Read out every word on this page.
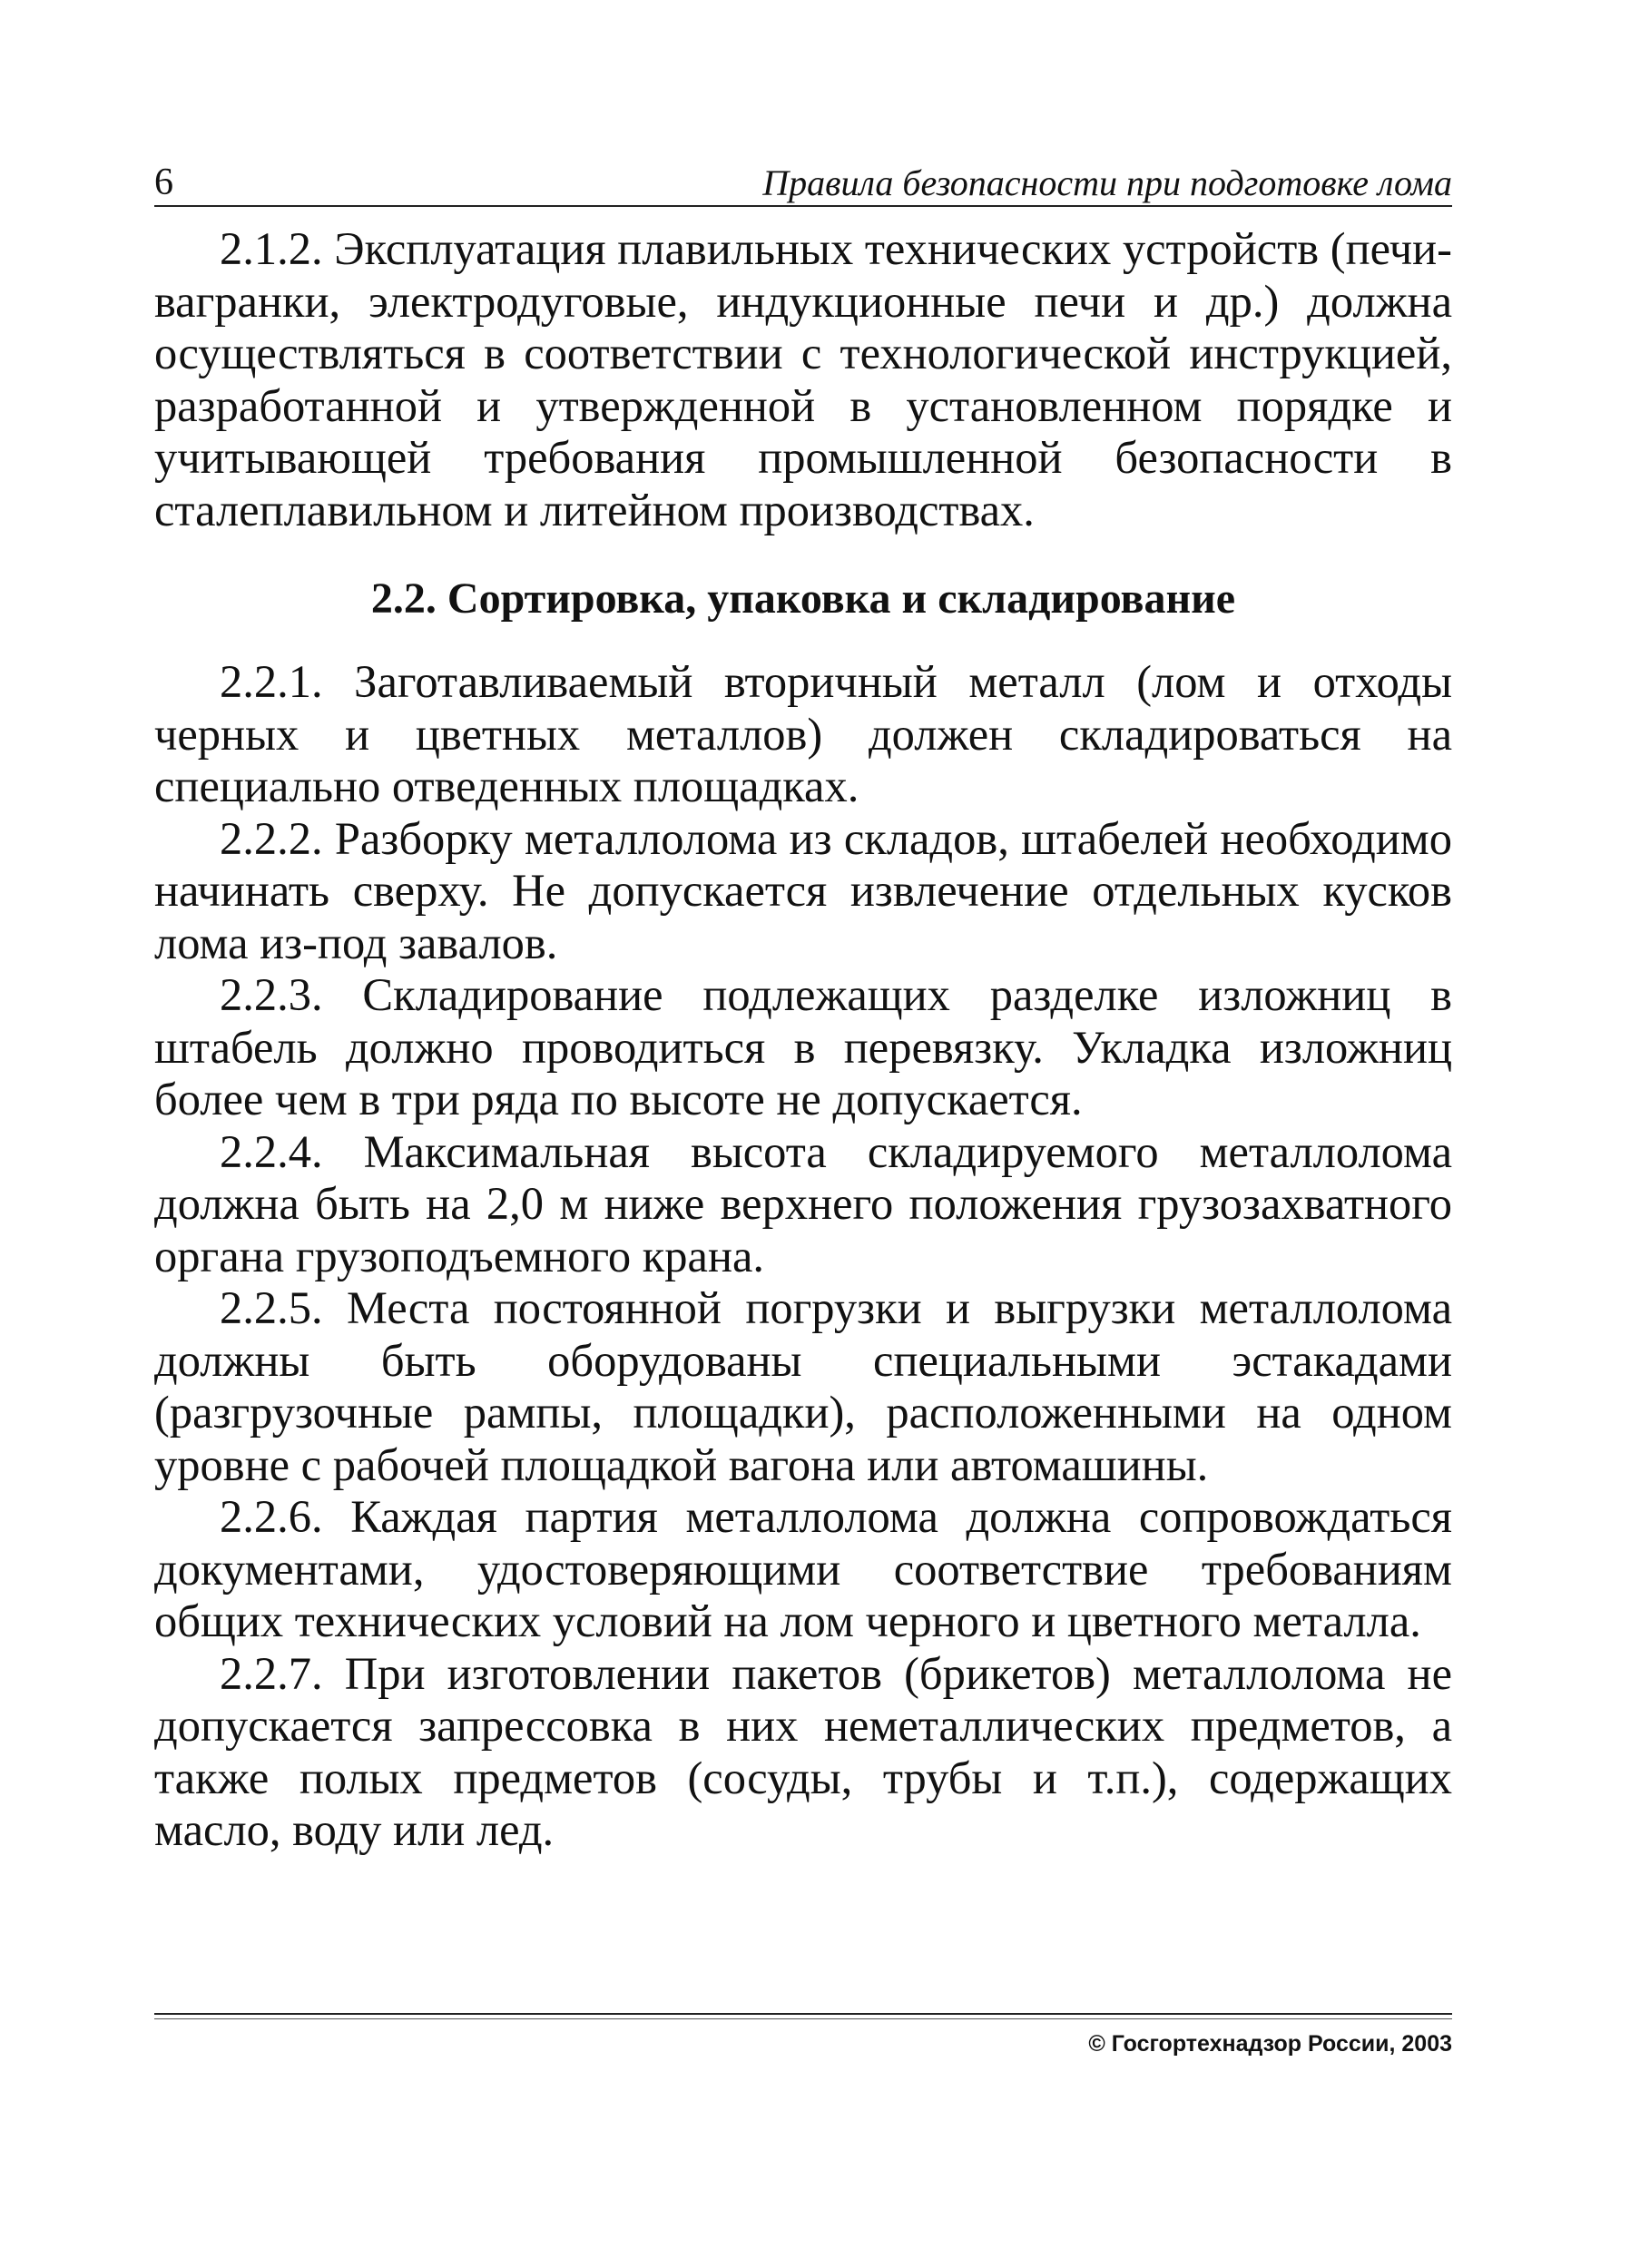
6	Правила безопасности при подготовке лома

2.1.2. Эксплуатация плавильных технических устройств (печи-вагранки, электродуговые, индукционные печи и др.) должна осуществляться в соответствии с технологической инструкцией, разработанной и утвержденной в установленном порядке и учитывающей требования промышленной безопасности в сталеплавильном и литейном производствах.

2.2. Сортировка, упаковка и складирование

2.2.1. Заготавливаемый вторичный металл (лом и отходы черных и цветных металлов) должен складироваться на специально отведенных площадках.

2.2.2. Разборку металлолома из складов, штабелей необходимо начинать сверху. Не допускается извлечение отдельных кусков лома из-под завалов.

2.2.3. Складирование подлежащих разделке изложниц в штабель должно проводиться в перевязку. Укладка изложниц более чем в три ряда по высоте не допускается.

2.2.4. Максимальная высота складируемого металлолома должна быть на 2,0 м ниже верхнего положения грузозахватного органа грузоподъемного крана.

2.2.5. Места постоянной погрузки и выгрузки металлолома должны быть оборудованы специальными эстакадами (разгрузочные рампы, площадки), расположенными на одном уровне с рабочей площадкой вагона или автомашины.

2.2.6. Каждая партия металлолома должна сопровождаться документами, удостоверяющими соответствие требованиям общих технических условий на лом черного и цветного металла.

2.2.7. При изготовлении пакетов (брикетов) металлолома не допускается запрессовка в них неметаллических предметов, а также полых предметов (сосуды, трубы и т.п.), содержащих масло, воду или лед.

© Госгортехнадзор России, 2003
